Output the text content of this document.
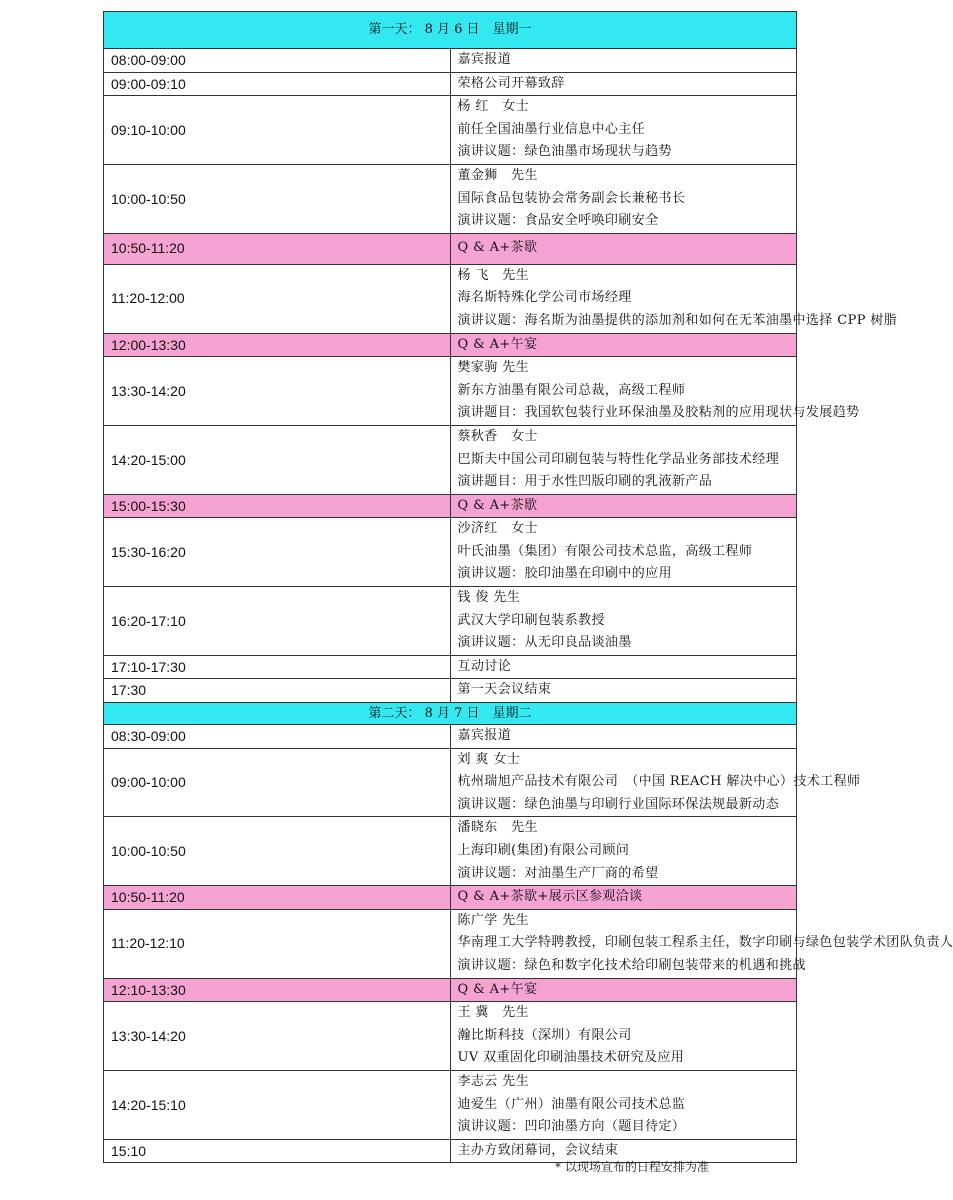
第一天： 8 月 6 日　星期一	
08:00-09:00	嘉宾报道

09:00-09:10	荣格公司开幕致辞

09:10-10:00	杨 红　女士
前任全国油墨行业信息中心主任
演讲议题：绿色油墨市场现状与趋势

10:00-10:50	董金狮　先生
国际食品包装协会常务副会长兼秘书长
演讲议题：食品安全呼唤印刷安全

10:50-11:20	Q & A+茶歇

11:20-12:00	杨 飞　先生
海名斯特殊化学公司市场经理
演讲议题：海名斯为油墨提供的添加剂和如何在无苯油墨中选择 CPP 树脂

12:00-13:30	Q & A+午宴

13:30-14:20	樊家驹 先生
新东方油墨有限公司总裁，高级工程师
演讲题目：我国软包装行业环保油墨及胶粘剂的应用现状与发展趋势

14:20-15:00	蔡秋香　女士
巴斯夫中国公司印刷包装与特性化学品业务部技术经理
演讲题目：用于水性凹版印刷的乳液新产品

15:00-15:30	Q & A+茶歇

15:30-16:20	沙济红　女士
叶氏油墨（集团）有限公司技术总监，高级工程师
演讲议题：胶印油墨在印刷中的应用

16:20-17:10	钱 俊 先生
武汉大学印刷包装系教授
演讲议题：从无印良品谈油墨

17:10-17:30	互动讨论

17:30	第一天会议结束

第二天： 8 月 7 日　星期二	
08:30-09:00	嘉宾报道

09:00-10:00	刘 爽 女士
杭州瑞旭产品技术有限公司　（中国 REACH 解决中心）技术工程师
演讲议题：绿色油墨与印刷行业国际环保法规最新动态

10:00-10:50	潘晓东　先生
上海印刷(集团)有限公司顾问
演讲议题：对油墨生产厂商的希望

10:50-11:20	Q & A+茶歇+展示区参观洽谈

11:20-12:10	陈广学 先生
华南理工大学特聘教授，印刷包装工程系主任，数字印刷与绿色包装学术团队负责人
演讲议题：绿色和数字化技术给印刷包装带来的机遇和挑战

12:10-13:30	Q & A+午宴

13:30-14:20	王 冀　先生
瀚比斯科技（深圳）有限公司
UV 双重固化印刷油墨技术研究及应用

14:20-15:10	李志云 先生
迪爱生（广州）油墨有限公司技术总监
演讲议题：凹印油墨方向（题目待定）

15:10	主办方致闭幕词，会议结束
* 以现场宣布的日程安排为准
